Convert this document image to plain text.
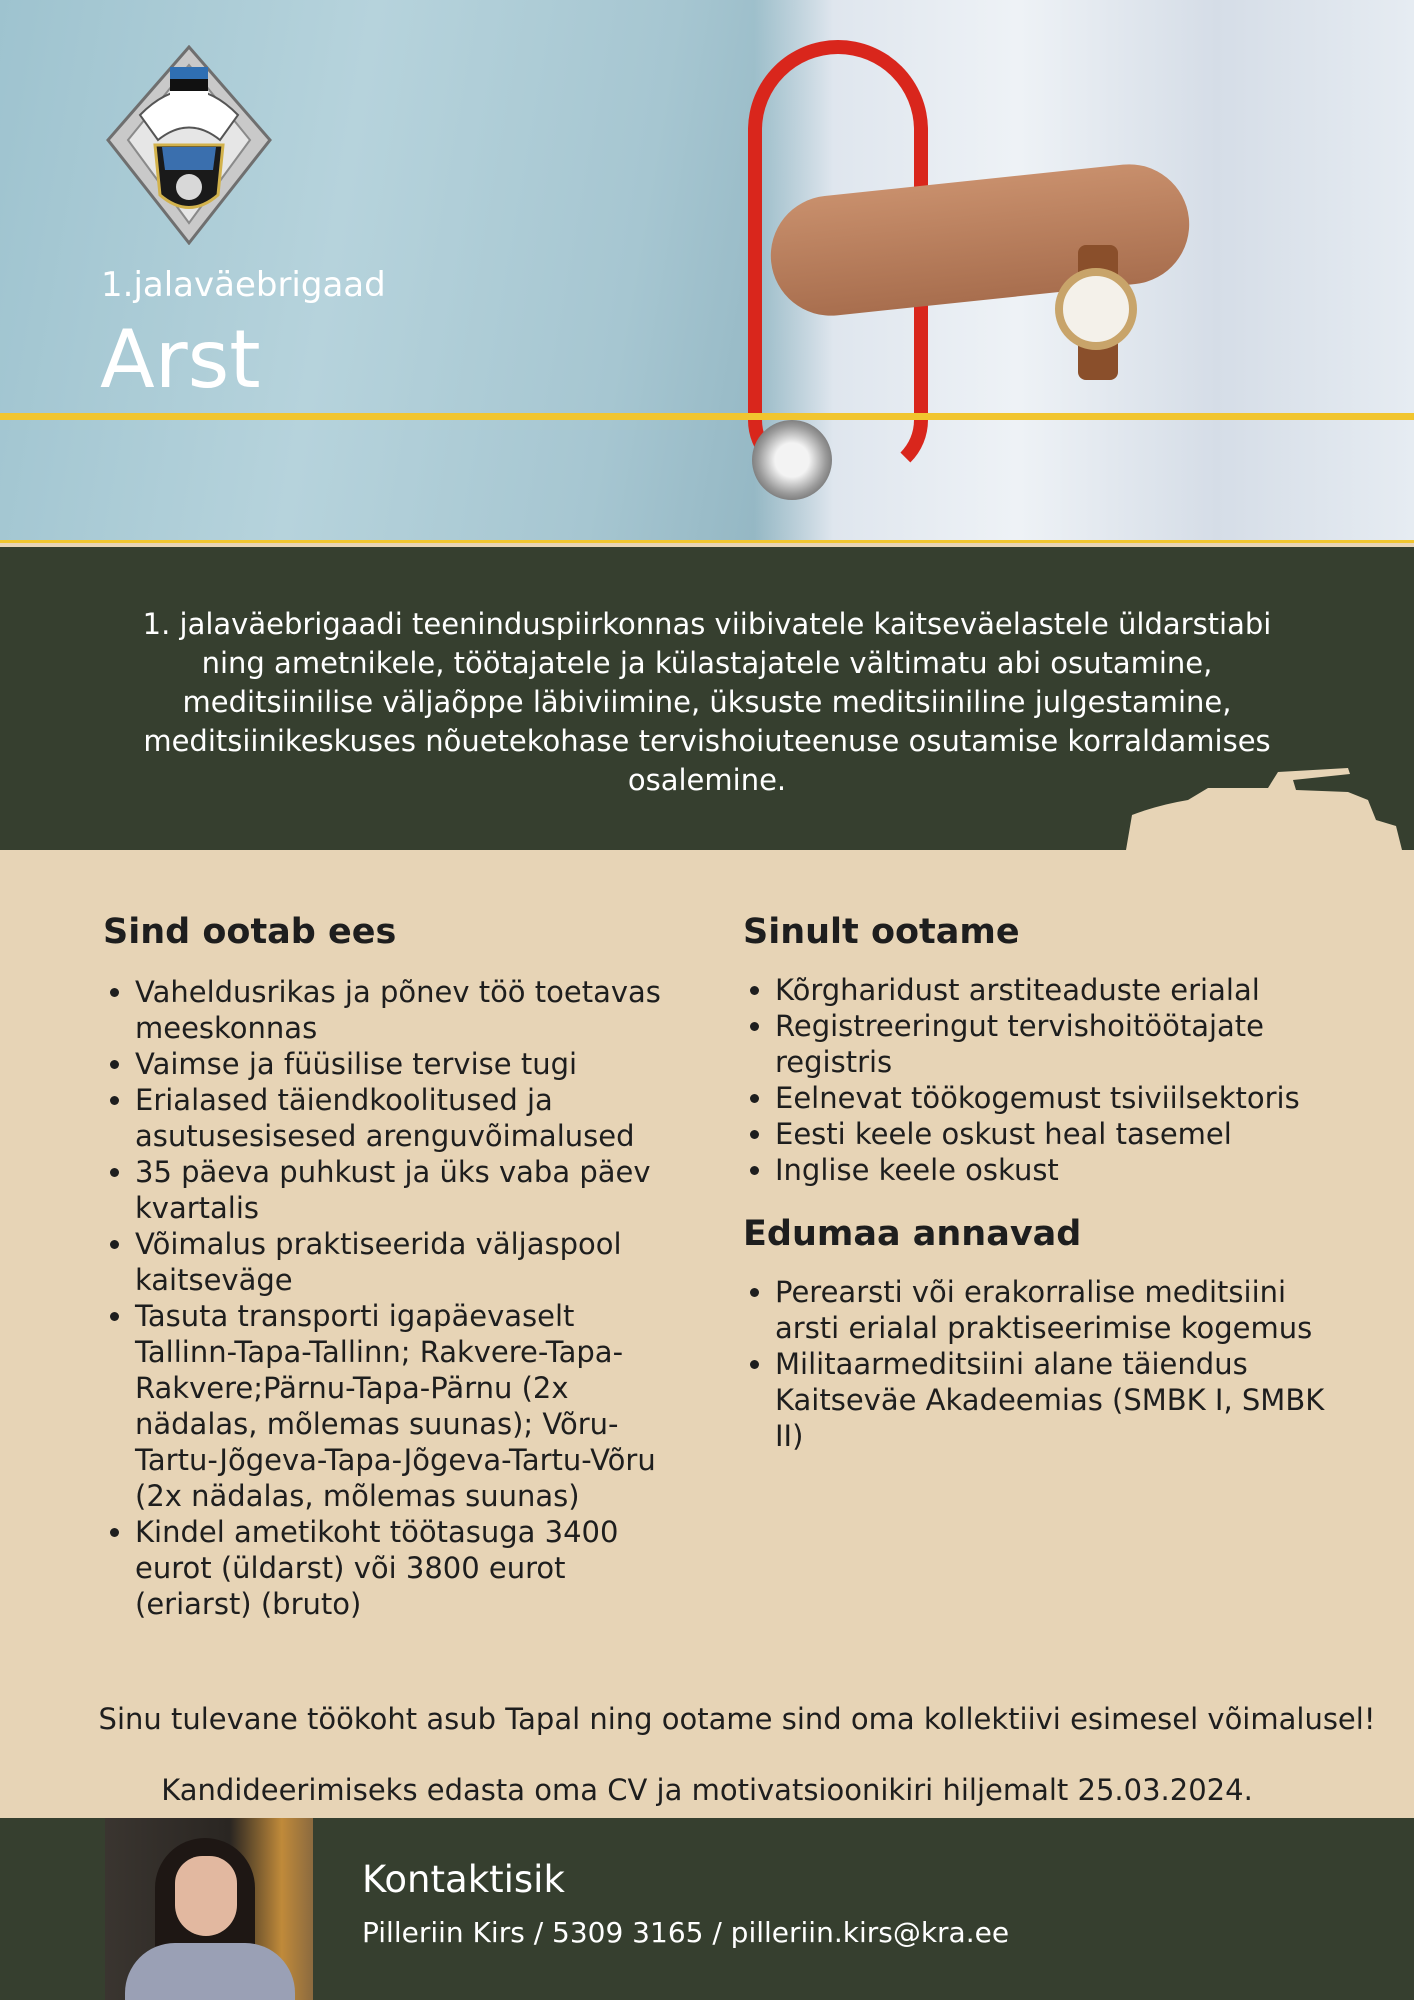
1.jalaväebrigaad
Arst
1. jalaväebrigaadi teeninduspiirkonnas viibivatele kaitseväelastele üldarstiabi ning ametnikele, töötajatele ja külastajatele vältimatu abi osutamine, meditsiinilise väljaõppe läbiviimine, üksuste meditsiiniline julgestamine, meditsiinikeskuses nõuetekohase tervishoiuteenuse osutamise korraldamises osalemine.
Sind ootab ees
• Vaheldusrikas ja põnev töö toetavas meeskonnas
• Vaimse ja füüsilise tervise tugi
• Erialased täiendkoolitused ja asutusesisesed arenguvõimalused
• 35 päeva puhkust ja üks vaba päev kvartalis
• Võimalus praktiseerida väljaspool kaitseväge
• Tasuta transporti igapäevaselt Tallinn-Tapa-Tallinn; Rakvere-Tapa-Rakvere;Pärnu-Tapa-Pärnu (2x nädalas, mõlemas suunas); Võru-Tartu-Jõgeva-Tapa-Jõgeva-Tartu-Võru (2x nädalas, mõlemas suunas)
• Kindel ametikoht töötasuga 3400 eurot (üldarst) või 3800 eurot (eriarst) (bruto)
Sinult ootame
• Kõrgharidust arstiteaduste erialal
• Registreeringut tervishoitöötajate registris
• Eelnevat töökogemust tsiviilsektoris
• Eesti keele oskust heal tasemel
• Inglise keele oskust
Edumaa annavad
• Perearsti või erakorralise meditsiini arsti erialal praktiseerimise kogemus
• Militaarmeditsiini alane täiendus Kaitseväe Akadeemias (SMBK I, SMBK II)
Sinu tulevane töökoht asub Tapal ning ootame sind oma kollektiivi esimesel võimalusel!
Kandideerimiseks edasta oma CV ja motivatsioonikiri hiljemalt 25.03.2024.
Kontaktisik
Pilleriin Kirs / 5309 3165 / pilleriin.kirs@kra.ee
